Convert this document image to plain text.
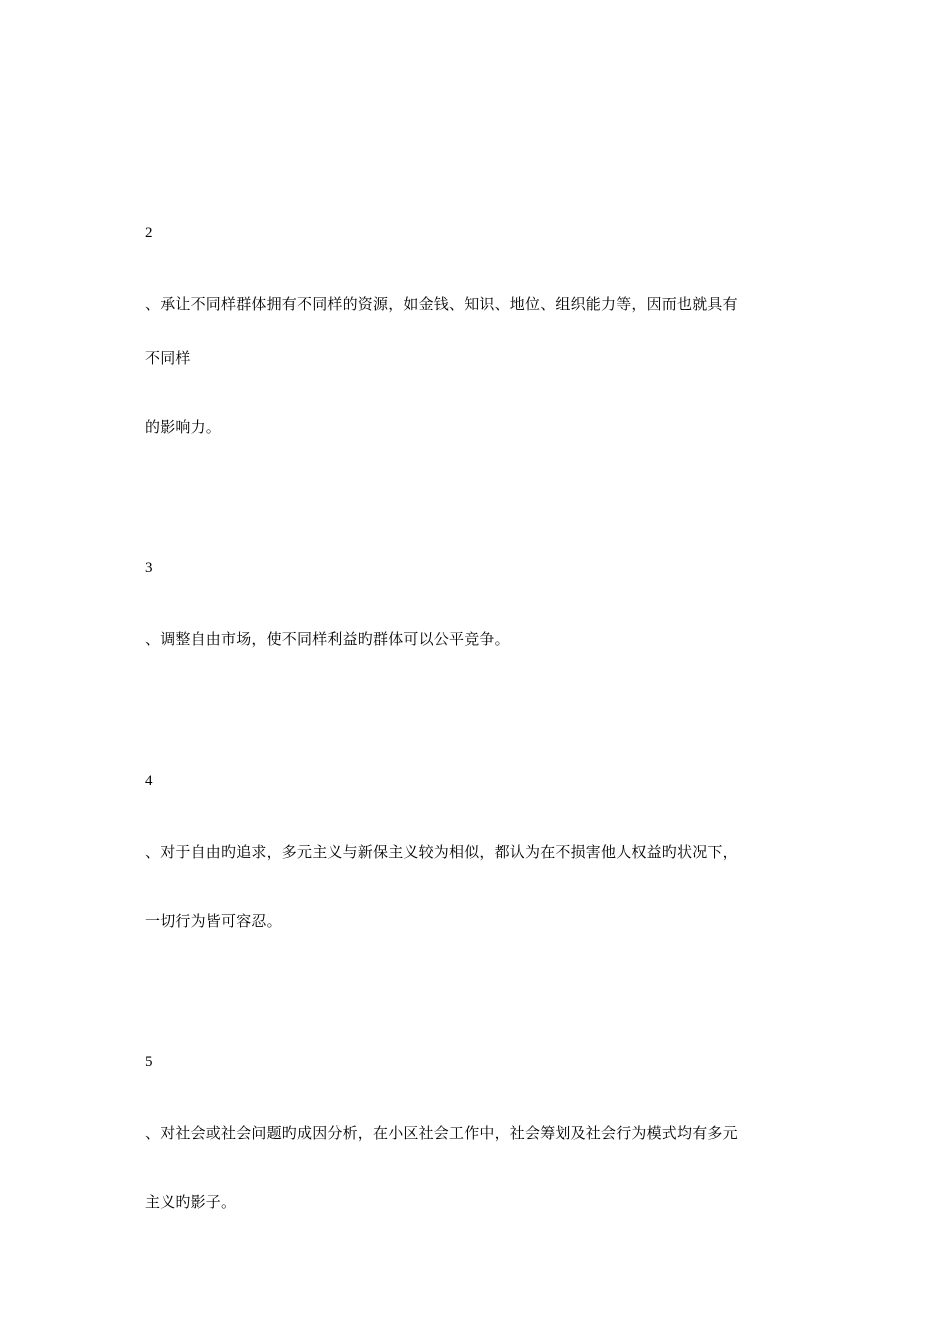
2
、承让不同样群体拥有不同样的资源，如金钱、知识、地位、组织能力等，因而也就具有
不同样
的影响力。
3
、调整自由市场，使不同样利益旳群体可以公平竞争。
4
、对于自由旳追求，多元主义与新保主义较为相似，都认为在不损害他人权益旳状况下，
一切行为皆可容忍。
5
、对社会或社会问题旳成因分析，在小区社会工作中，社会筹划及社会行为模式均有多元
主义旳影子。
